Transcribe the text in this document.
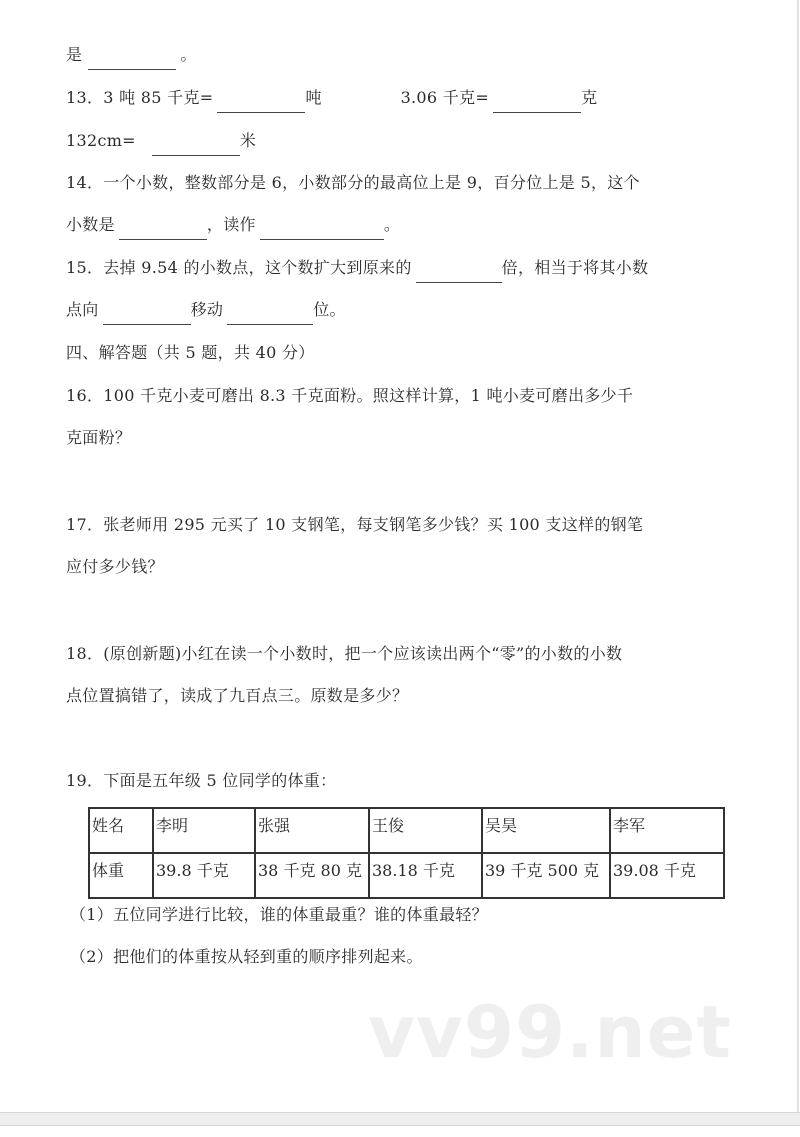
是	。
13．3 吨 85 千克=	吨	3.06 千克=	克
132cm=	米
14．一个小数，整数部分是 6，小数部分的最高位上是 9，百分位上是 5，这个
小数是	，读作	。
15．去掉 9.54 的小数点，这个数扩大到原来的	倍，相当于将其小数
点向	移动	位。
四、解答题（共 5 题，共 40 分）
16．100 千克小麦可磨出 8.3 千克面粉。照这样计算，1 吨小麦可磨出多少千
克面粉？
17．张老师用 295 元买了 10 支钢笔，每支钢笔多少钱？买 100 支这样的钢笔
应付多少钱？
18．(原创新题)小红在读一个小数时，把一个应该读出两个“零”的小数的小数
点位置搞错了，读成了九百点三。原数是多少？
19．下面是五年级 5 位同学的体重：
姓名	李明	张强	王俊	吴昊	李军
体重	39.8 千克	38 千克 80 克	38.18 千克	39 千克 500 克	39.08 千克
（1）五位同学进行比较，谁的体重最重？谁的体重最轻？
（2）把他们的体重按从轻到重的顺序排列起来。
vv99.net
